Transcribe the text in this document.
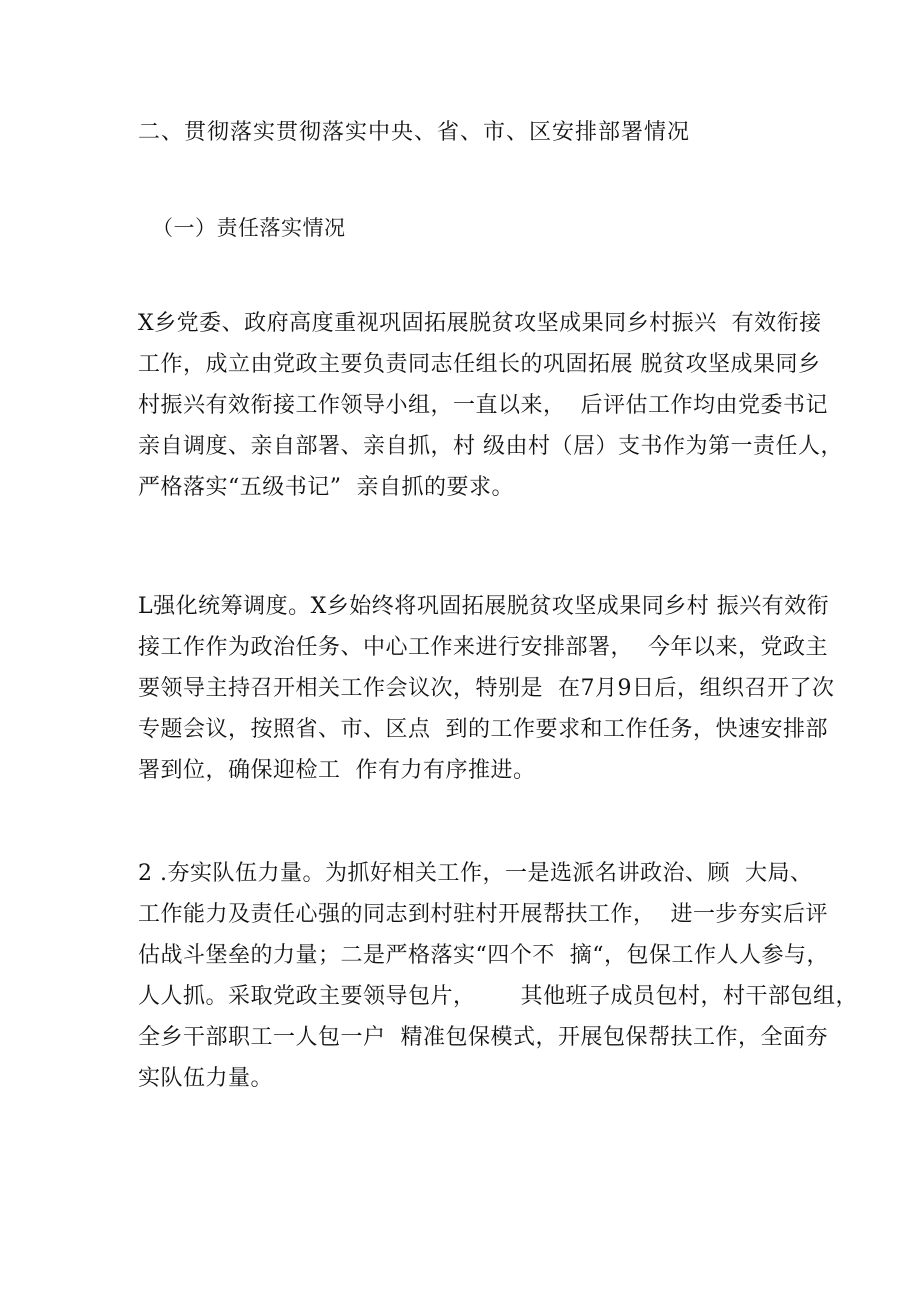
二、贯彻落实贯彻落实中央、省、市、区安排部署情况
（一）责任落实情况
X乡党委、政府高度重视巩固拓展脱贫攻坚成果同乡村振兴  有效衔接
工作，成立由党政主要负责同志任组长的巩固拓展 脱贫攻坚成果同乡
村振兴有效衔接工作领导小组，一直以来，  后评估工作均由党委书记
亲自调度、亲自部署、亲自抓，村 级由村（居）支书作为第一责任人，
严格落实“五级书记”  亲自抓的要求。
L强化统筹调度。X乡始终将巩固拓展脱贫攻坚成果同乡村 振兴有效衔
接工作作为政治任务、中心工作来进行安排部署，  今年以来，党政主
要领导主持召开相关工作会议次，特别是  在7月9日后，组织召开了次
专题会议，按照省、市、区点  到的工作要求和工作任务，快速安排部
署到位，确保迎检工  作有力有序推进。
2 .夯实队伍力量。为抓好相关工作，一是选派名讲政治、顾  大局、
工作能力及责任心强的同志到村驻村开展帮扶工作，  进一步夯实后评
估战斗堡垒的力量；二是严格落实“四个不  摘“，包保工作人人参与，
人人抓。采取党政主要领导包片，      其他班子成员包村，村干部包组，
全乡干部职工一人包一户  精准包保模式，开展包保帮扶工作，全面夯
实队伍力量。
